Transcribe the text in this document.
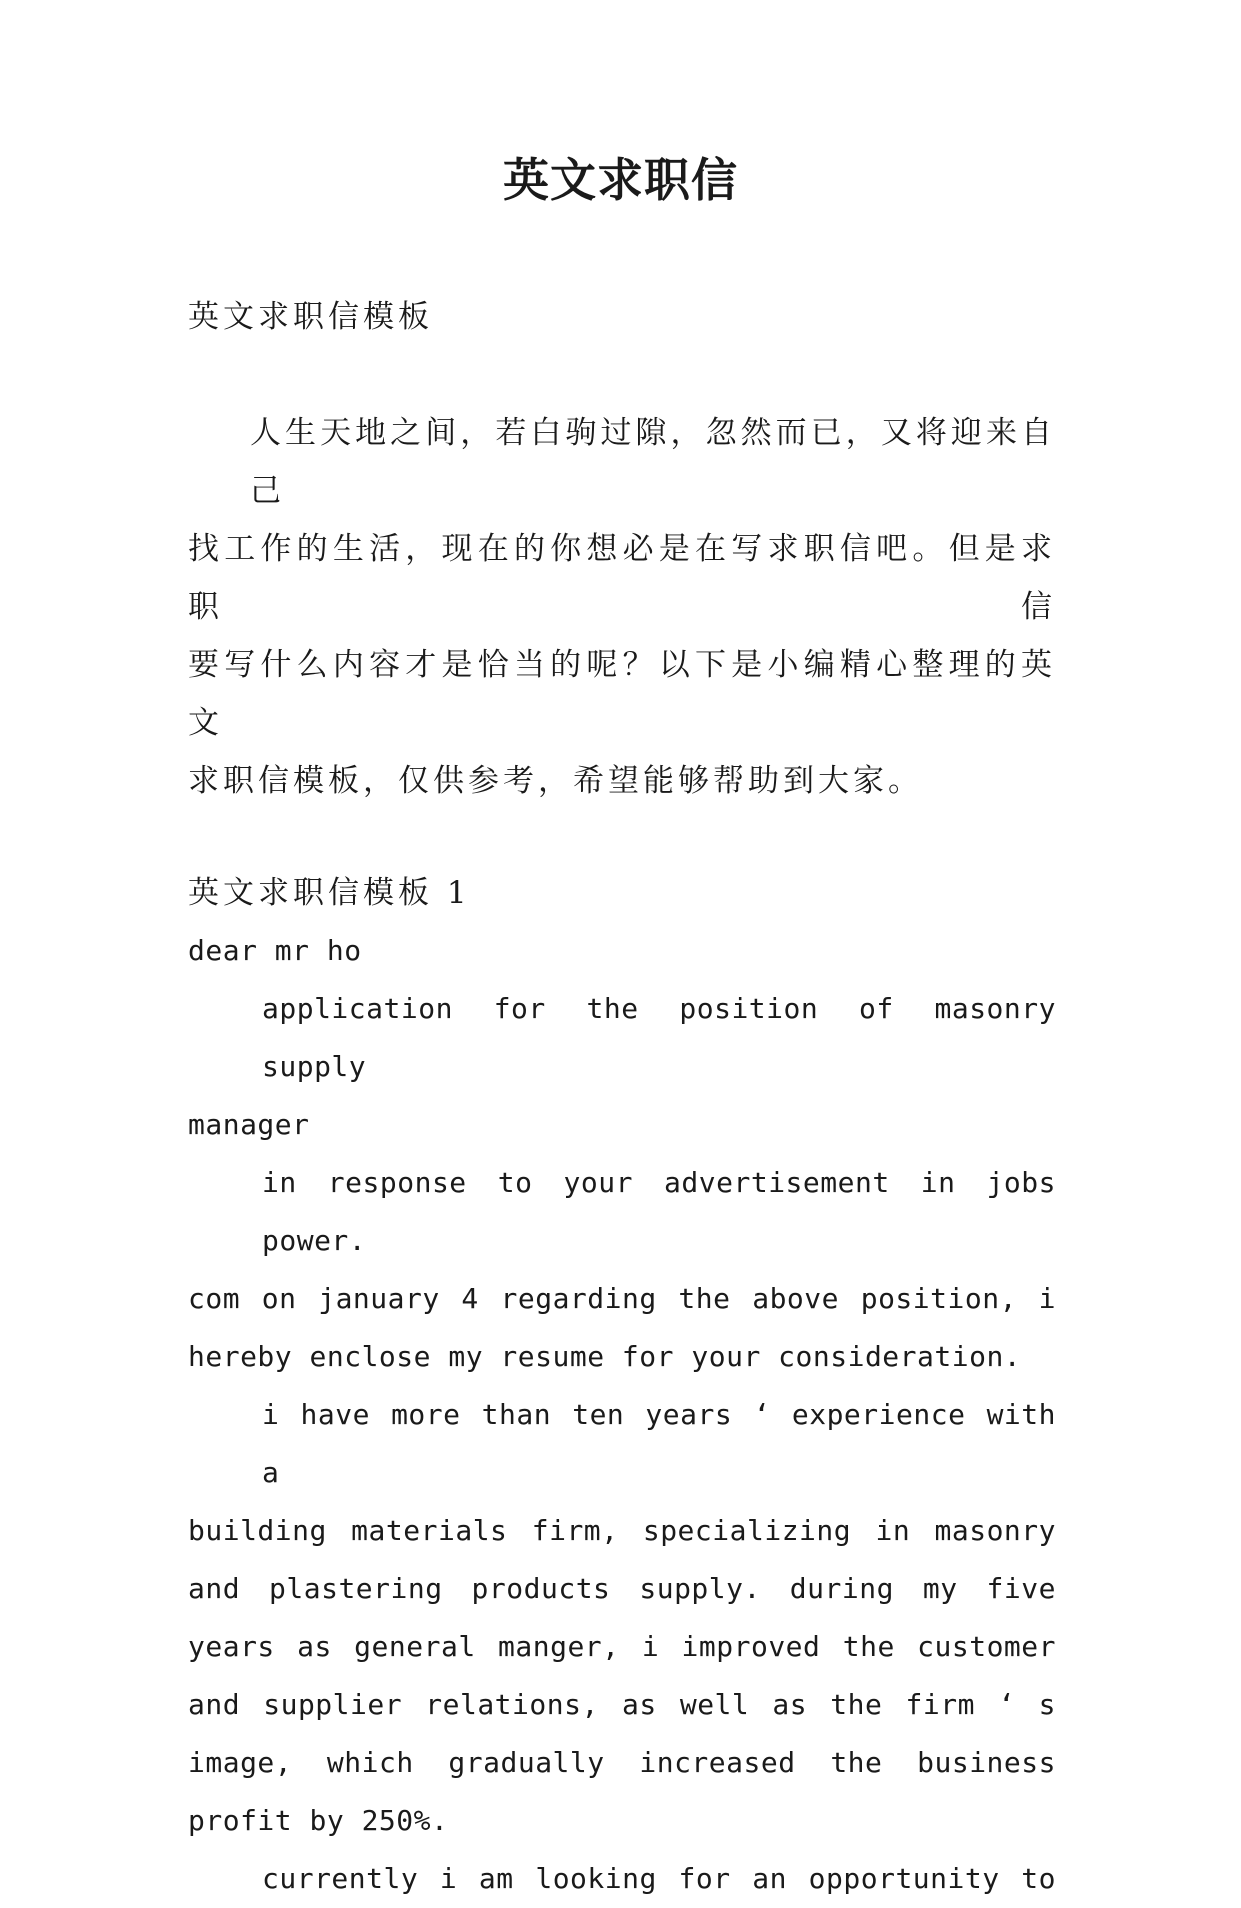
英文求职信

英文求职信模板

人生天地之间，若白驹过隙，忽然而已，又将迎来自己

找工作的生活，现在的你想必是在写求职信吧。但是求职信

要写什么内容才是恰当的呢？以下是小编精心整理的英文

求职信模板，仅供参考，希望能够帮助到大家。

英文求职信模板 1

dear mr ho

application for the position of masonry supply

manager

in response to your advertisement in jobs power.

com on january 4 regarding the above position, i

hereby enclose my resume for your consideration.

i have more than ten years ‘ experience with a

building materials firm, specializing in masonry

and plastering products supply. during my five

years as general manger, i improved the customer

and supplier relations, as well as the firm ‘ s

image, which gradually increased the business

profit by 250%.

currently i am looking for an opportunity to
